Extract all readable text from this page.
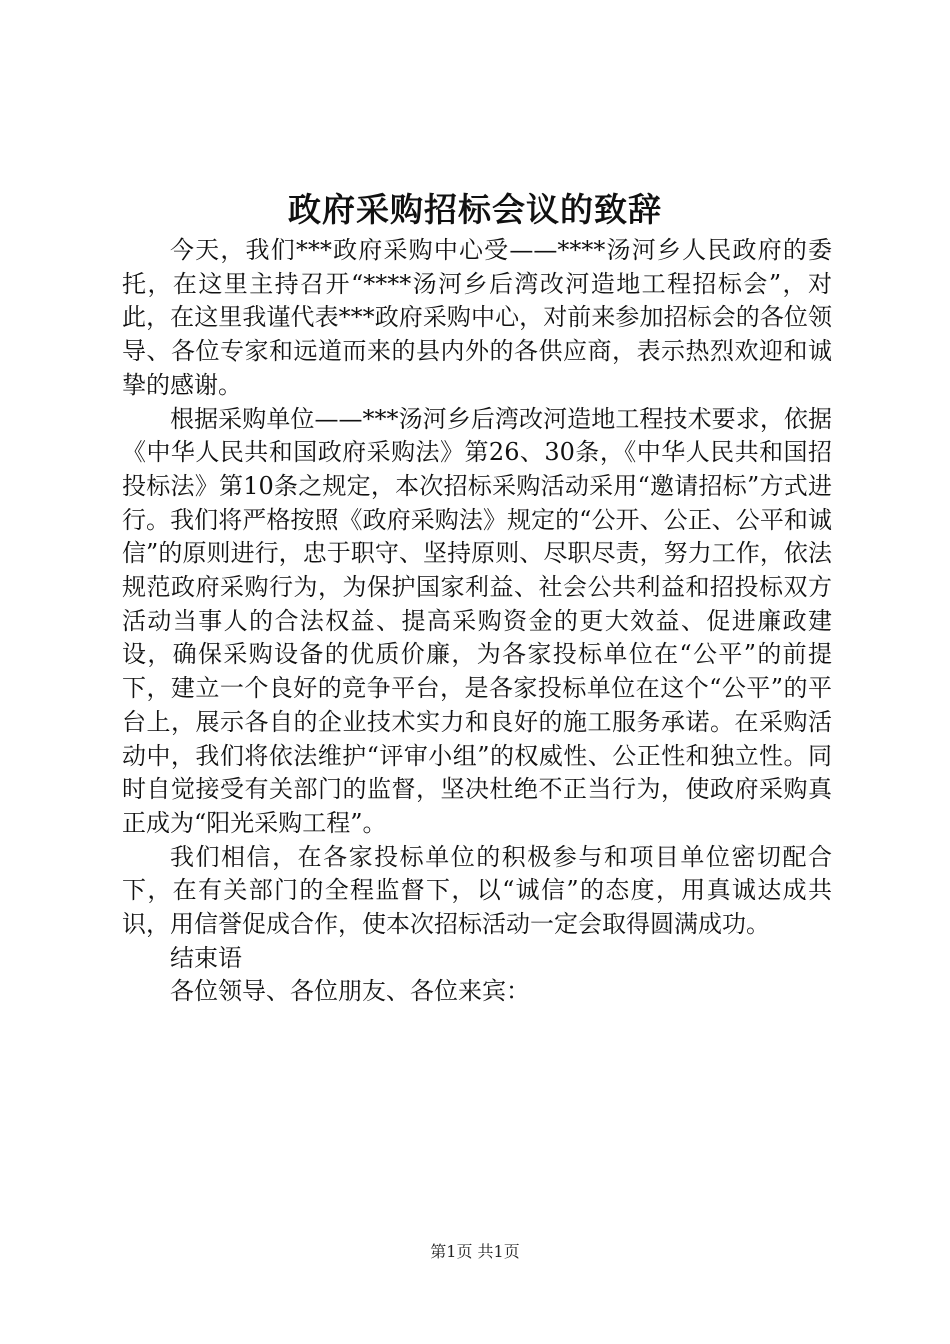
政府采购招标会议的致辞

今天，我们***政府采购中心受——****汤河乡人民政府的委托，在这里主持召开“****汤河乡后湾改河造地工程招标会”，对此，在这里我谨代表***政府采购中心，对前来参加招标会的各位领导、各位专家和远道而来的县内外的各供应商，表示热烈欢迎和诚挚的感谢。

根据采购单位——***汤河乡后湾改河造地工程技术要求，依据《中华人民共和国政府采购法》第26、30条，《中华人民共和国招投标法》第10条之规定，本次招标采购活动采用“邀请招标”方式进行。我们将严格按照《政府采购法》规定的“公开、公正、公平和诚信”的原则进行，忠于职守、坚持原则、尽职尽责，努力工作，依法规范政府采购行为，为保护国家利益、社会公共利益和招投标双方活动当事人的合法权益、提高采购资金的更大效益、促进廉政建设，确保采购设备的优质价廉，为各家投标单位在“公平”的前提下，建立一个良好的竞争平台，是各家投标单位在这个“公平”的平台上，展示各自的企业技术实力和良好的施工服务承诺。在采购活动中，我们将依法维护“评审小组”的权威性、公正性和独立性。同时自觉接受有关部门的监督，坚决杜绝不正当行为，使政府采购真正成为“阳光采购工程”。

我们相信，在各家投标单位的积极参与和项目单位密切配合下，在有关部门的全程监督下，以“诚信”的态度，用真诚达成共识，用信誉促成合作，使本次招标活动一定会取得圆满成功。

结束语

各位领导、各位朋友、各位来宾：

第1页 共1页
